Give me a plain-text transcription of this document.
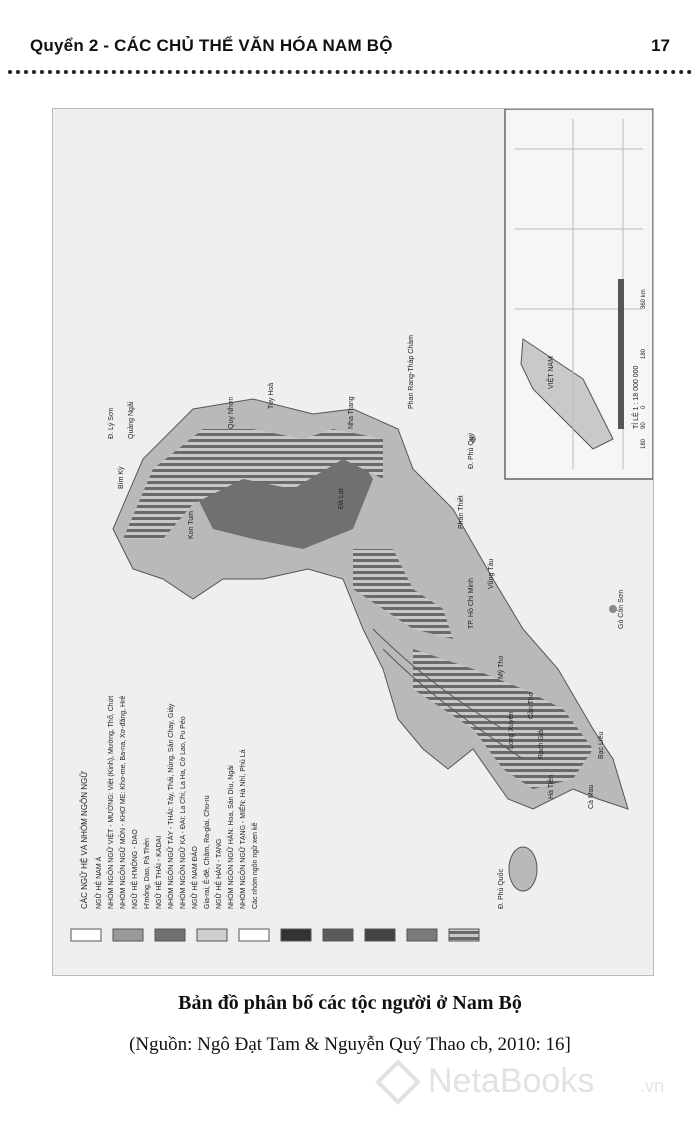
Quyển 2 - CÁC CHỦ THỂ VĂN HÓA NAM BỘ	17
CÁC NGỮ HỆ VÀ NHÓM NGÔN NGỮ NGỮ HỆ NAM Á NHÓM NGÔN NGỮ VIỆT - MƯỜNG: Việt (Kinh), Mường, Thổ, Chứt NHÓM NGÔN NGỮ MÔN - KHƠ ME: Khơ-me, Ba-na, Xơ-đăng, Hrê NGỮ HỆ H'MÔNG - DAO H'mông, Dao, Pà Thẻn NGỮ HỆ THÁI - KADAI NHÓM NGÔN NGỮ TÀY - THÁI: Tày, Thái, Nùng, Sán Chay, Giáy NHÓM NGÔN NGỮ KA - ĐAI: La Chí, La Ha, Cờ Lao, Pu Péo NGỮ HỆ NAM ĐẢO Gia-rai, Ê-đê, Chăm, Ra-glai, Chu-ru NGỮ HỆ HÁN - TẠNG NHÓM NGÔN NGỮ HÁN: Hoa, Sán Dìu, Ngái NHÓM NGÔN NGỮ TẠNG - MIẾN: Hà Nhì, Phù Lá Các nhóm ngôn ngữ xen kẽ
Quảng Ngãi
Kon Tum
Quy Nhơn
Tuy Hoà
Nha Trang
Đà Lạt
Phan Rang-Tháp Chàm
Phan Thiết
Vũng Tàu
TP. Hồ Chí Minh
Mỹ Tho
Cần Thơ
Rạch Giá
Hà Tiên	Cà Mau
Bạc Liêu
Long Xuyên
Đ. Phú Quốc
Đ. Phú Quý
Gò Côn Sơn
Đ. Lý Sơn
Bìm Kỳ
VIỆT NAM	TỈ LỆ 1 : 18 000 000
180
90
0
180
360 km
Bản đồ phân bố các tộc người ở Nam Bộ
(Nguồn: Ngô Đạt Tam & Nguyễn Quý Thao cb, 2010: 16]
NetaBooks	.vn
